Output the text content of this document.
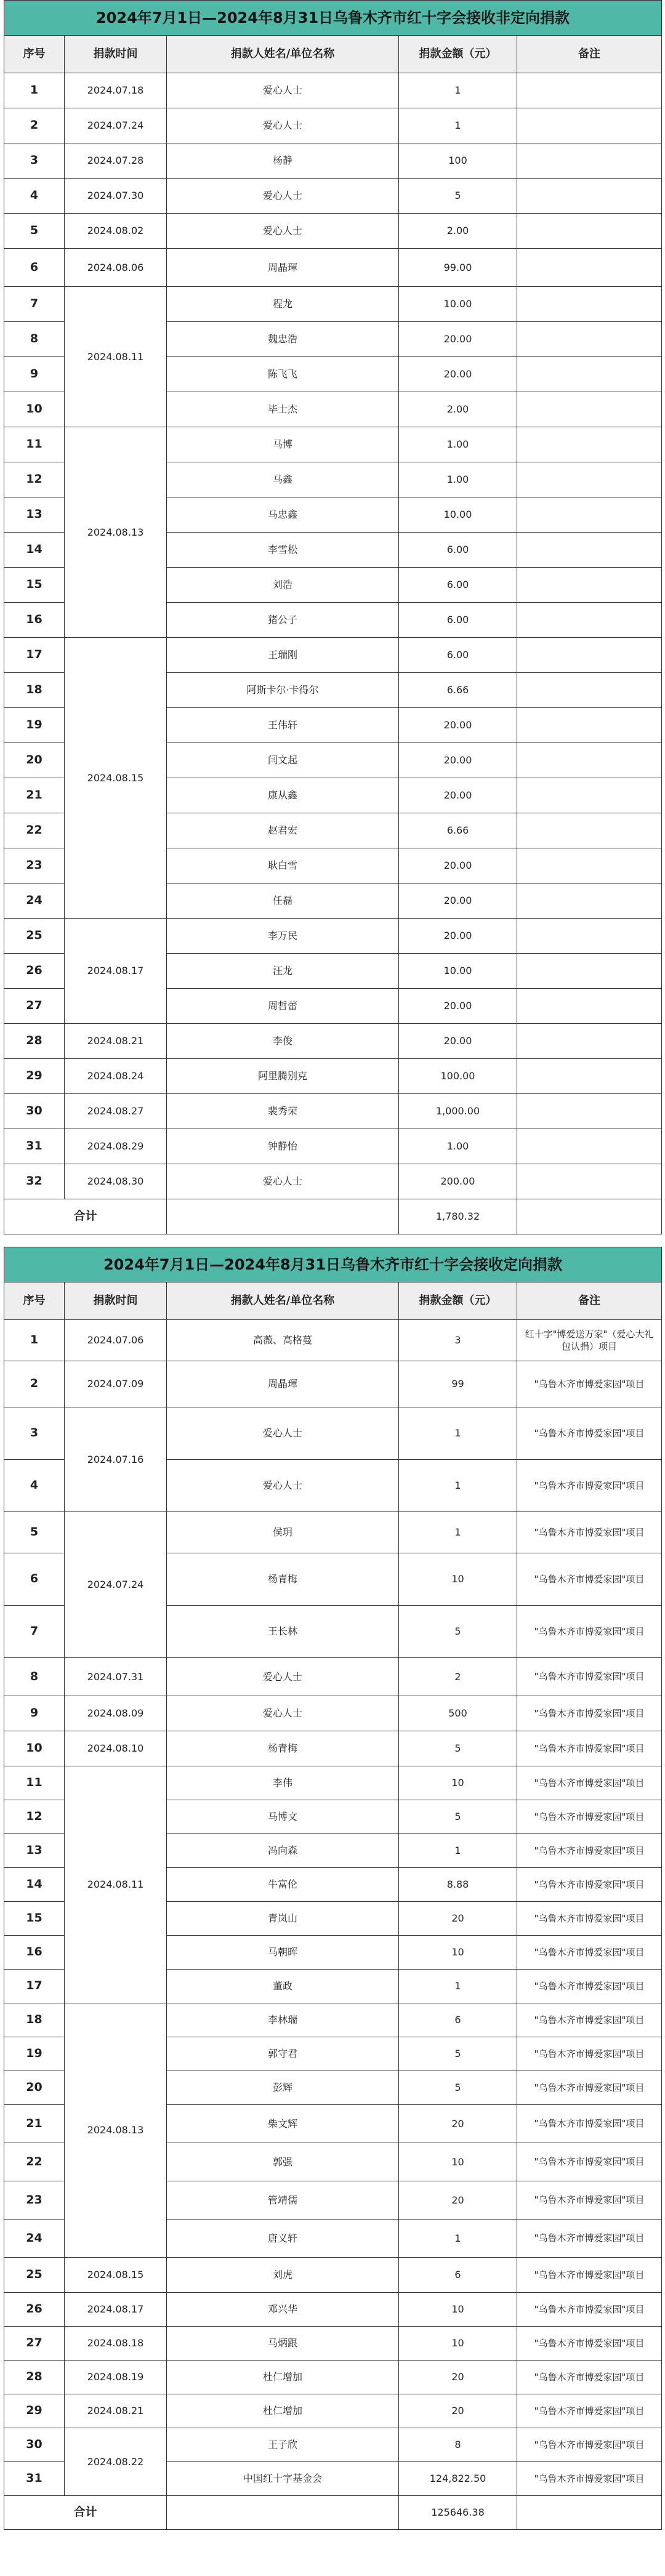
2024年7月1日—2024年8月31日乌鲁木齐市红十字会接收非定向捐款				
序号	捐款时间	捐款人姓名/单位名称	捐款金额（元）	备注
1	2024.07.18	爱心人士	1	
2	2024.07.24	爱心人士	1	
3	2024.07.28	杨静	100	
4	2024.07.30	爱心人士	5	
5	2024.08.02	爱心人士	2.00	
6	2024.08.06	周晶琿	99.00	
7	2024.08.11	程龙	10.00	
8		魏忠浩	20.00	
9		陈飞飞	20.00	
10		毕士杰	2.00	
11	2024.08.13	马博	1.00	
12		马鑫	1.00	
13		马忠鑫	10.00	
14		李雪松	6.00	
15		刘浩	6.00	
16		猪公子	6.00	
17	2024.08.15	王瑞刚	6.00	
18		阿斯卡尔·卡得尔	6.66	
19		王伟轩	20.00	
20		闫文起	20.00	
21		康从鑫	20.00	
22		赵君宏	6.66	
23		耿白雪	20.00	
24		任磊	20.00	
25	2024.08.17	李万民	20.00	
26		汪龙	10.00	
27		周哲蕾	20.00	
28	2024.08.21	李俊	20.00	
29	2024.08.24	阿里腾别克	100.00	
30	2024.08.27	裴秀荣	1,000.00	
31	2024.08.29	钟静怡	1.00	
32	2024.08.30	爱心人士	200.00	
合计			1,780.32	
2024年7月1日—2024年8月31日乌鲁木齐市红十字会接收定向捐款				
序号	捐款时间	捐款人姓名/单位名称	捐款金额（元）	备注
1	2024.07.06	高薇、高格蔓	3	红十字"博爱送万家"（爱心大礼包认捐）项目
2	2024.07.09	周晶琿	99	"乌鲁木齐市博爱家园"项目
3	2024.07.16	爱心人士	1	"乌鲁木齐市博爱家园"项目
4		爱心人士	1	"乌鲁木齐市博爱家园"项目
5	2024.07.24	侯玥	1	"乌鲁木齐市博爱家园"项目
6		杨青梅	10	"乌鲁木齐市博爱家园"项目
7		王长林	5	"乌鲁木齐市博爱家园"项目
8	2024.07.31	爱心人士	2	"乌鲁木齐市博爱家园"项目
9	2024.08.09	爱心人士	500	"乌鲁木齐市博爱家园"项目
10	2024.08.10	杨青梅	5	"乌鲁木齐市博爱家园"项目
11	2024.08.11	李伟	10	"乌鲁木齐市博爱家园"项目
12		马博文	5	"乌鲁木齐市博爱家园"项目
13		冯向森	1	"乌鲁木齐市博爱家园"项目
14		牛富伦	8.88	"乌鲁木齐市博爱家园"项目
15		青岚山	20	"乌鲁木齐市博爱家园"项目
16		马朝晖	10	"乌鲁木齐市博爱家园"项目
17		董政	1	"乌鲁木齐市博爱家园"项目
18	2024.08.13	李林瑞	6	"乌鲁木齐市博爱家园"项目
19		郭守君	5	"乌鲁木齐市博爱家园"项目
20		彭辉	5	"乌鲁木齐市博爱家园"项目
21		柴文辉	20	"乌鲁木齐市博爱家园"项目
22		郭强	10	"乌鲁木齐市博爱家园"项目
23		管靖儒	20	"乌鲁木齐市博爱家园"项目
24		唐义轩	1	"乌鲁木齐市博爱家园"项目
25	2024.08.15	刘虎	6	"乌鲁木齐市博爱家园"项目
26	2024.08.17	邓兴华	10	"乌鲁木齐市博爱家园"项目
27	2024.08.18	马炳跟	10	"乌鲁木齐市博爱家园"项目
28	2024.08.19	杜仁增加	20	"乌鲁木齐市博爱家园"项目
29	2024.08.21	杜仁增加	20	"乌鲁木齐市博爱家园"项目
30	2024.08.22	王子欣	8	"乌鲁木齐市博爱家园"项目
31		中国红十字基金会	124,822.50	"乌鲁木齐市博爱家园"项目
合计			125646.38	
